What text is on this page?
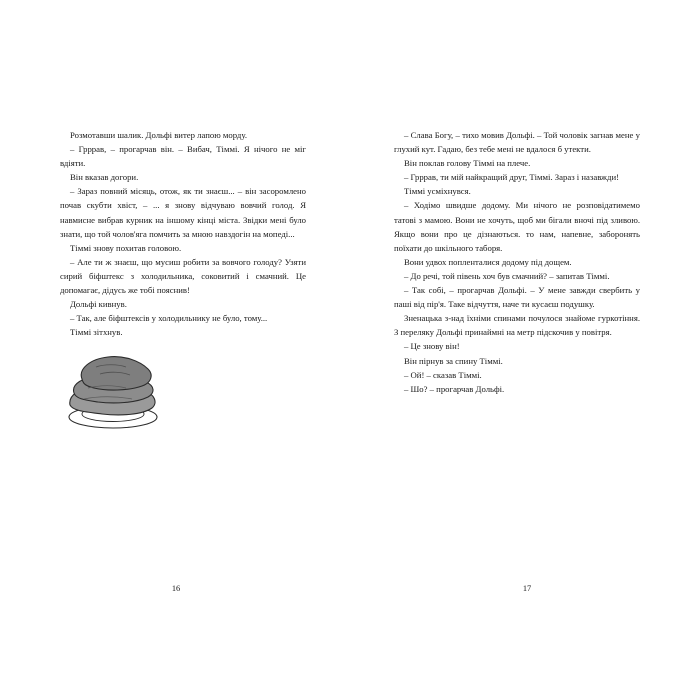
Розмотавши шалик. Дольфі витер лапою морду.

– Грррав, – прогарчав він. – Вибач, Тіммі. Я нічого не міг вдіяти.

Він вказав догори.

– Зараз повний місяць, отож, як ти знаєш... – він засоромлено почав скубти хвіст, – ... я знову відчуваю вовчий голод. Я навмисне вибрав курник на іншому кінці міста. Звідки мені було знати, що той чолов'яга помчить за мною навздогін на мопеді...

Тіммі знову похитав головою.

– Але ти ж знаєш, що мусиш робити за вовчого голоду? Узяти сирий біфштекс з холодильника, соковитий і смачний. Це допомагає, дідусь же тобі пояснив!

Дольфі кивнув.

– Так, але біфштексів у холодильнику не було, тому...

Тіммі зітхнув.

– Слава Богу, – тихо мовив Дольфі. – Той чоловік загнав мене у глухий кут. Гадаю, без тебе мені не вдалося б утекти.

Він поклав голову Тіммі на плече.

– Грррав, ти мій найкращий друг, Тіммі. Зараз і назавжди!

Тіммі усміхнувся.

– Ходімо швидше додому. Ми нічого не розповідатимемо татові з мамою. Вони не хочуть, щоб ми бігали вночі під зливою. Якщо вони про це дізнаються. то нам, напевне, заборонять поїхати до шкільного таборя.

Вони удвох попленталися додому під дощем.

– До речі, той півень хоч був смачний? – запитав Тіммі.

– Так собі, – прогарчав Дольфі. – У мене завжди свербить у паші від пір'я. Таке відчуття, наче ти кусаєш подушку.

Зненацька з-над їхніми спинами почулося знайоме гуркотіння. З переляку Дольфі принаймні на метр підскочив у повітря.

– Це знову він!

Він пірнув за спину Тіммі.

– Ой! – сказав Тіммі.

– Шо? – прогарчав Дольфі.

16	17
